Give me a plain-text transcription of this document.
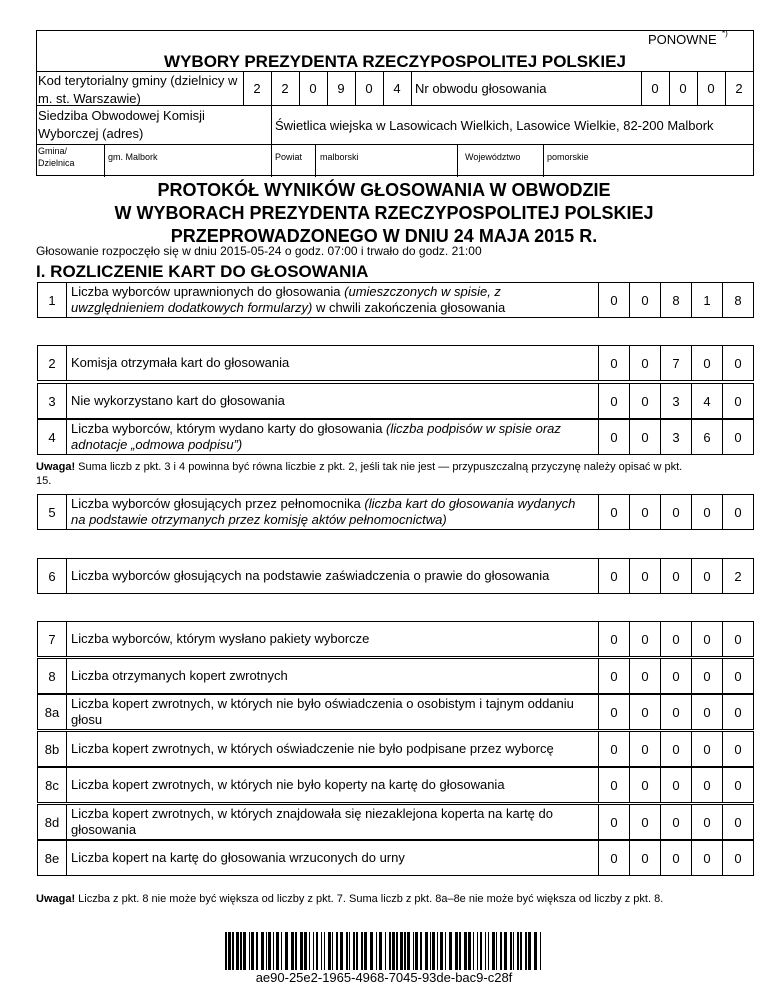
PONOWNE *)
WYBORY PREZYDENTA RZECZYPOSPOLITEJ POLSKIEJ
Kod terytorialny gminy (dzielnicy w
m. st. Warszawie)
2	2	0	9	0	4	Nr obwodu głosowania	0	0	0	2
Siedziba Obwodowej Komisji
Wyborczej (adres)
Świetlica wiejska w Lasowicach Wielkich, Lasowice Wielkie, 82-200 Malbork
Gmina/
Dzielnica
gm. Malbork	Powiat malborski	Województwo	pomorskie
PROTOKÓŁ WYNIKÓW GŁOSOWANIA W OBWODZIE
W WYBORACH PREZYDENTA RZECZYPOSPOLITEJ POLSKIEJ
PRZEPROWADZONEGO W DNIU 24 MAJA 2015 R.
Głosowanie rozpoczęło się w dniu 2015-05-24 o godz. 07:00 i trwało do godz. 21:00
I. ROZLICZENIE KART DO GŁOSOWANIA
1
Liczba wyborców uprawnionych do głosowania (umieszczonych w spisie, z
uwzględnieniem dodatkowych formularzy) w chwili zakończenia głosowania	0	0	8	1	8
2	Komisja otrzymała kart do głosowania	0	0	7	0	0
3	Nie wykorzystano kart do głosowania	0	0	3	4	0
4
Liczba wyborców, którym wydano karty do głosowania (liczba podpisów w spisie oraz
adnotacje „odmowa podpisu”)	0	0	3	6	0
Uwaga! Suma liczb z pkt. 3 i 4 powinna być równa liczbie z pkt. 2, jeśli tak nie jest — przypuszczalną przyczynę należy opisać w pkt.
15.
5
Liczba wyborców głosujących przez pełnomocnika (liczba kart do głosowania wydanych
na podstawie otrzymanych przez komisję aktów pełnomocnictwa)	0	0	0	0	0
6	Liczba wyborców głosujących na podstawie zaświadczenia o prawie do głosowania	0	0	0	0	2
7	Liczba wyborców, którym wysłano pakiety wyborcze	0	0	0	0	0
8	Liczba otrzymanych kopert zwrotnych	0	0	0	0	0
8a
Liczba kopert zwrotnych, w których nie było oświadczenia o osobistym i tajnym oddaniu
głosu	0	0	0	0	0
8b Liczba kopert zwrotnych, w których oświadczenie nie było podpisane przez wyborcę	0	0	0	0	0
8c Liczba kopert zwrotnych, w których nie było koperty na kartę do głosowania	0	0	0	0	0
8d
Liczba kopert zwrotnych, w których znajdowała się niezaklejona koperta na kartę do
głosowania	0	0	0	0	0
8e Liczba kopert na kartę do głosowania wrzuconych do urny	0	0	0	0	0
Uwaga! Liczba z pkt. 8 nie może być większa od liczby z pkt. 7. Suma liczb z pkt. 8a–8e nie może być większa od liczby z pkt. 8.
ae90-25e2-1965-4968-7045-93de-bac9-c28f
